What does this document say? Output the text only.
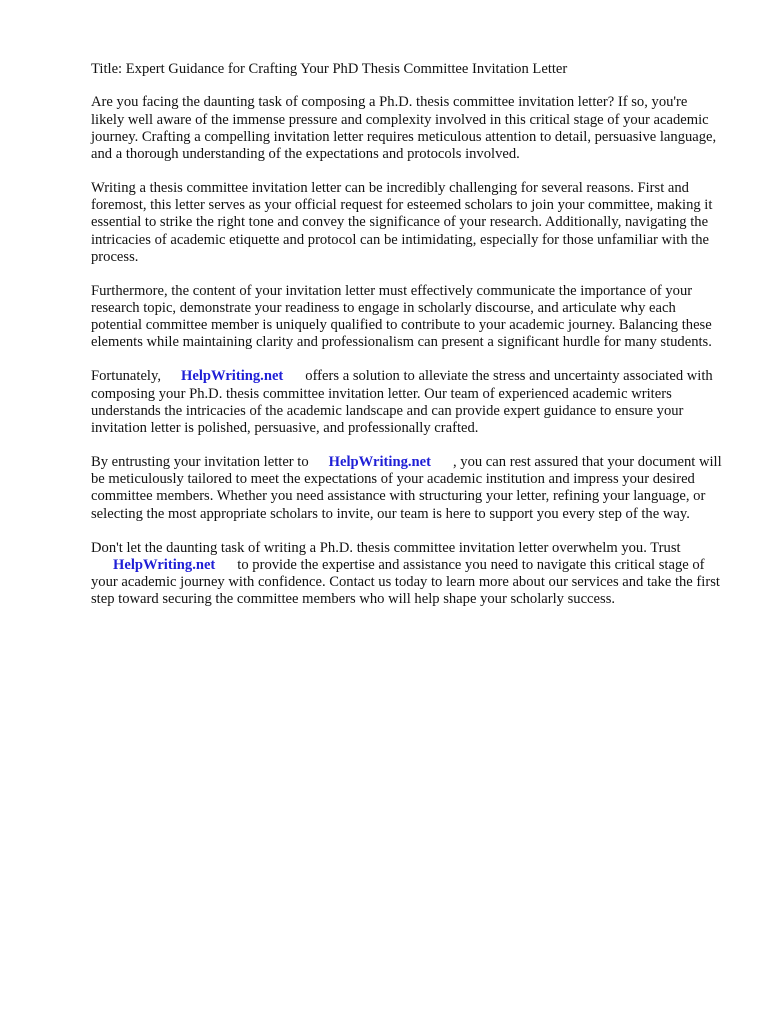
Title: Expert Guidance for Crafting Your PhD Thesis Committee Invitation Letter

Are you facing the daunting task of composing a Ph.D. thesis committee invitation letter? If so, you're likely well aware of the immense pressure and complexity involved in this critical stage of your academic journey. Crafting a compelling invitation letter requires meticulous attention to detail, persuasive language, and a thorough understanding of the expectations and protocols involved.

Writing a thesis committee invitation letter can be incredibly challenging for several reasons. First and foremost, this letter serves as your official request for esteemed scholars to join your committee, making it essential to strike the right tone and convey the significance of your research. Additionally, navigating the intricacies of academic etiquette and protocol can be intimidating, especially for those unfamiliar with the process.

Furthermore, the content of your invitation letter must effectively communicate the importance of your research topic, demonstrate your readiness to engage in scholarly discourse, and articulate why each potential committee member is uniquely qualified to contribute to your academic journey. Balancing these elements while maintaining clarity and professionalism can present a significant hurdle for many students.

Fortunately, HelpWriting.net offers a solution to alleviate the stress and uncertainty associated with composing your Ph.D. thesis committee invitation letter. Our team of experienced academic writers understands the intricacies of the academic landscape and can provide expert guidance to ensure your invitation letter is polished, persuasive, and professionally crafted.

By entrusting your invitation letter to HelpWriting.net , you can rest assured that your document will be meticulously tailored to meet the expectations of your academic institution and impress your desired committee members. Whether you need assistance with structuring your letter, refining your language, or selecting the most appropriate scholars to invite, our team is here to support you every step of the way.

Don't let the daunting task of writing a Ph.D. thesis committee invitation letter overwhelm you. Trust
HelpWriting.net to provide the expertise and assistance you need to navigate this critical stage of your academic journey with confidence. Contact us today to learn more about our services and take the first step toward securing the committee members who will help shape your scholarly success.
